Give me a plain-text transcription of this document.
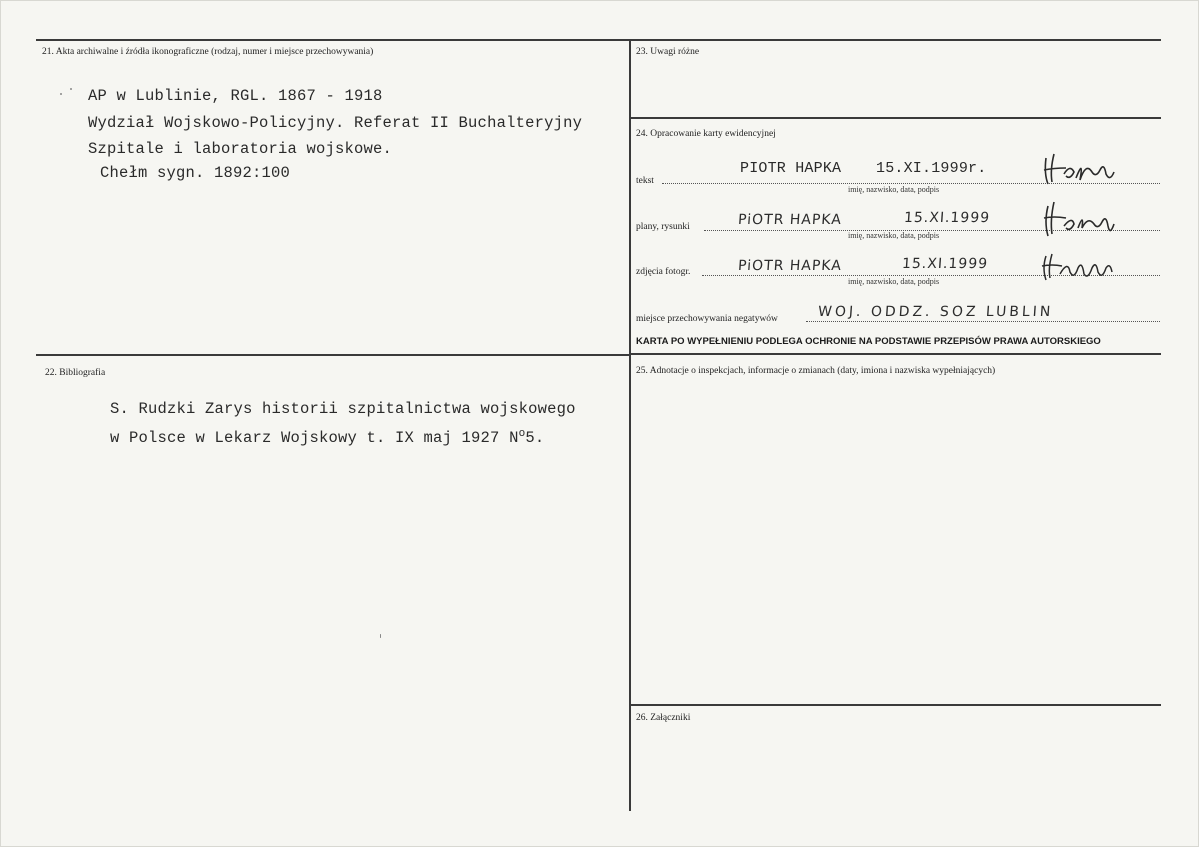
21. Akta archiwalne i źródła ikonograficzne (rodzaj, numer i miejsce przechowywania)
AP w Lublinie, RGL. 1867 - 1918
Wydział Wojskowo-Policyjny. Referat II Buchalteryjny
Szpitale i laboratoria wojskowe.
Chełm sygn. 1892:100
22. Bibliografia
S. Rudzki Zarys historii szpitalnictwa wojskowego
w Polsce w Lekarz Wojskowy t. IX maj 1927 $N^o5$.
23. Uwagi różne
24. Opracowanie karty ewidencyjnej
tekst
PIOTR HAPKA 15.XI.1999r.
imię, nazwisko, data, podpis
plany, rysunki	PiOTR HAPKA	15.XI.1999
imię, nazwisko, data, podpis
zdjęcia fotogr.	PiOTR HAPKA	15.XI.1999
imię, nazwisko, data, podpis
miejsce przechowywania negatywów	WOJ. ODDZ. SOZ LUBLIN
KARTA PO WYPEŁNIENIU PODLEGA OCHRONIE NA PODSTAWIE PRZEPISÓW PRAWA AUTORSKIEGO
25. Adnotacje o inspekcjach, informacje o zmianach (daty, imiona i nazwiska wypełniających)
26. Załączniki
